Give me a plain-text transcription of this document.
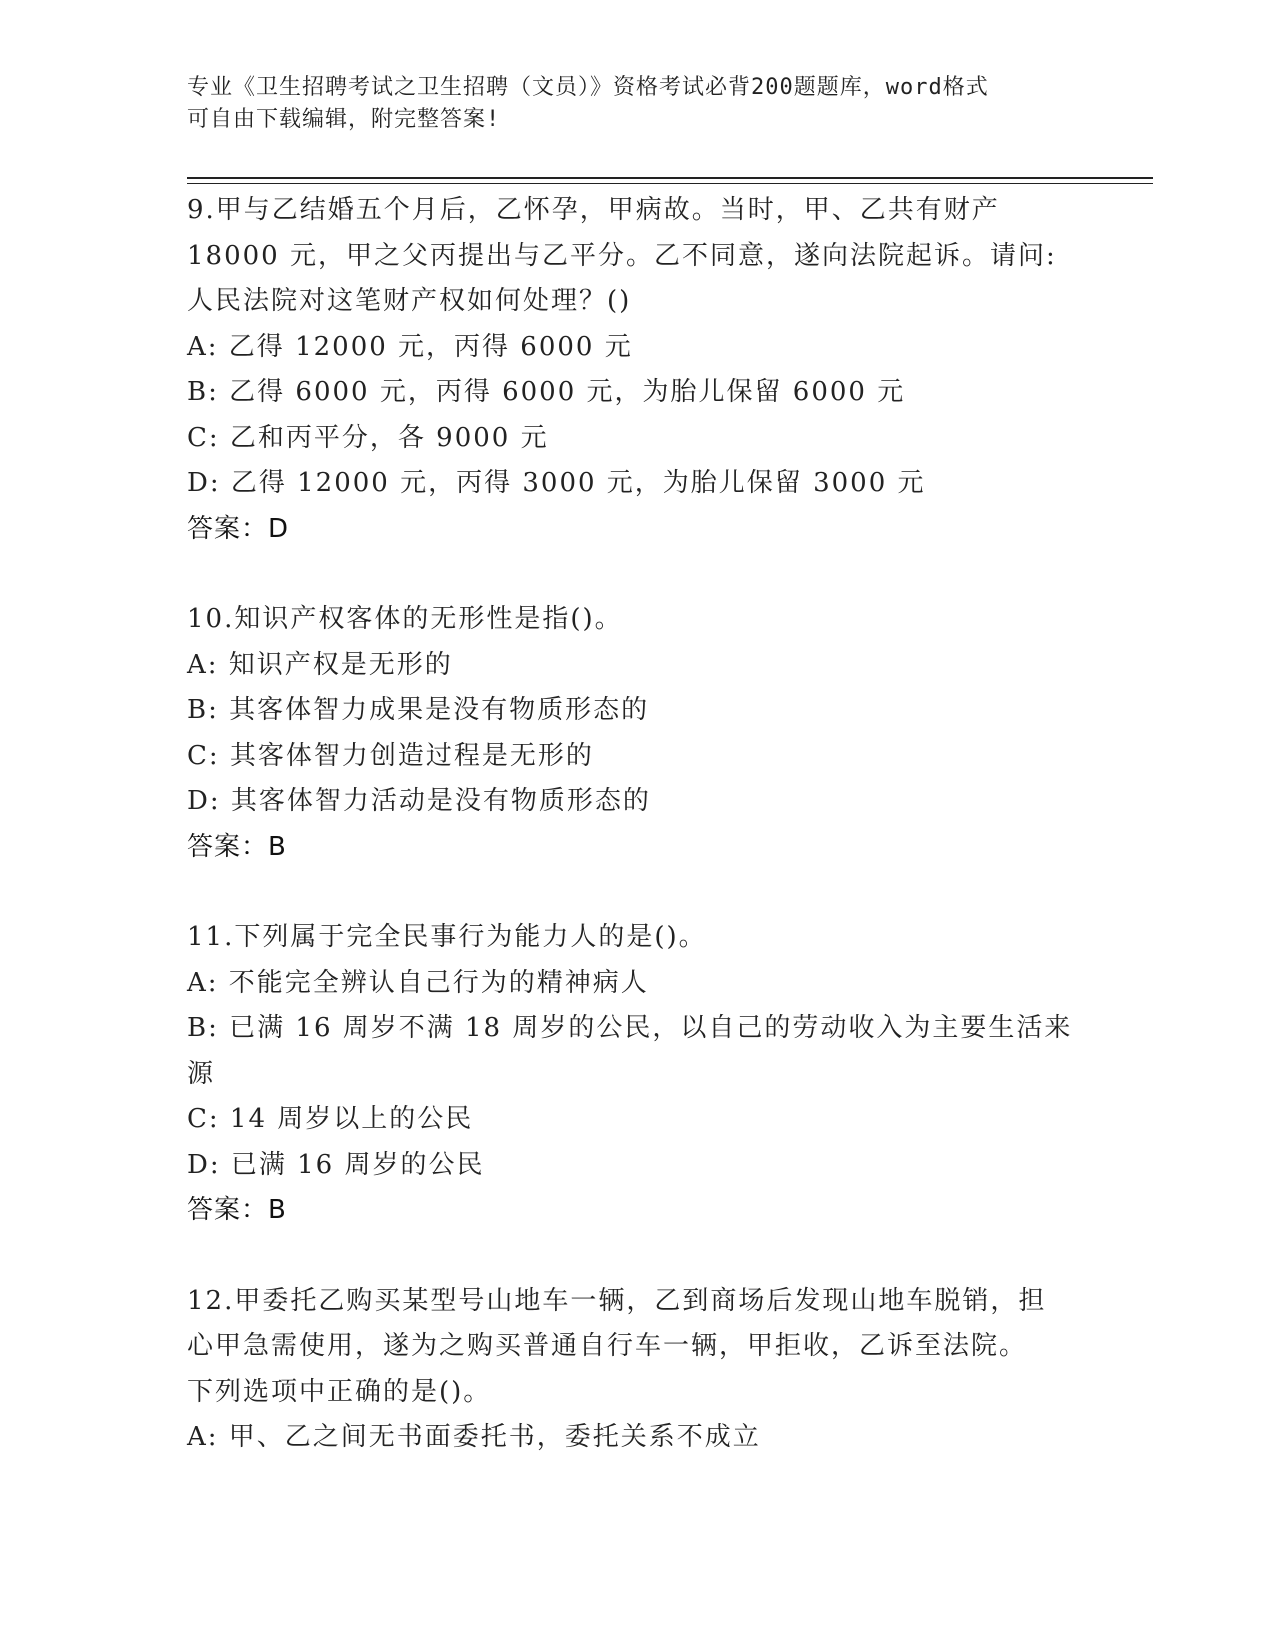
专业《卫生招聘考试之卫生招聘（文员）》资格考试必背200题题库，word格式
可自由下载编辑，附完整答案!
9.甲与乙结婚五个月后，乙怀孕，甲病故。当时，甲、乙共有财产
18000 元，甲之父丙提出与乙平分。乙不同意，遂向法院起诉。请问:
人民法院对这笔财产权如何处理？()
A: 乙得 12000 元，丙得 6000 元
B: 乙得 6000 元，丙得 6000 元，为胎儿保留 6000 元
C: 乙和丙平分，各 9000 元
D: 乙得 12000 元，丙得 3000 元，为胎儿保留 3000 元
答案：D
10.知识产权客体的无形性是指()。
A: 知识产权是无形的
B: 其客体智力成果是没有物质形态的
C: 其客体智力创造过程是无形的
D: 其客体智力活动是没有物质形态的
答案：B
11.下列属于完全民事行为能力人的是()。
A: 不能完全辨认自己行为的精神病人
B: 已满 16 周岁不满 18 周岁的公民，以自己的劳动收入为主要生活来
源
C: 14 周岁以上的公民
D: 已满 16 周岁的公民
答案：B
12.甲委托乙购买某型号山地车一辆，乙到商场后发现山地车脱销，担
心甲急需使用，遂为之购买普通自行车一辆，甲拒收，乙诉至法院。
下列选项中正确的是()。
A: 甲、乙之间无书面委托书，委托关系不成立
